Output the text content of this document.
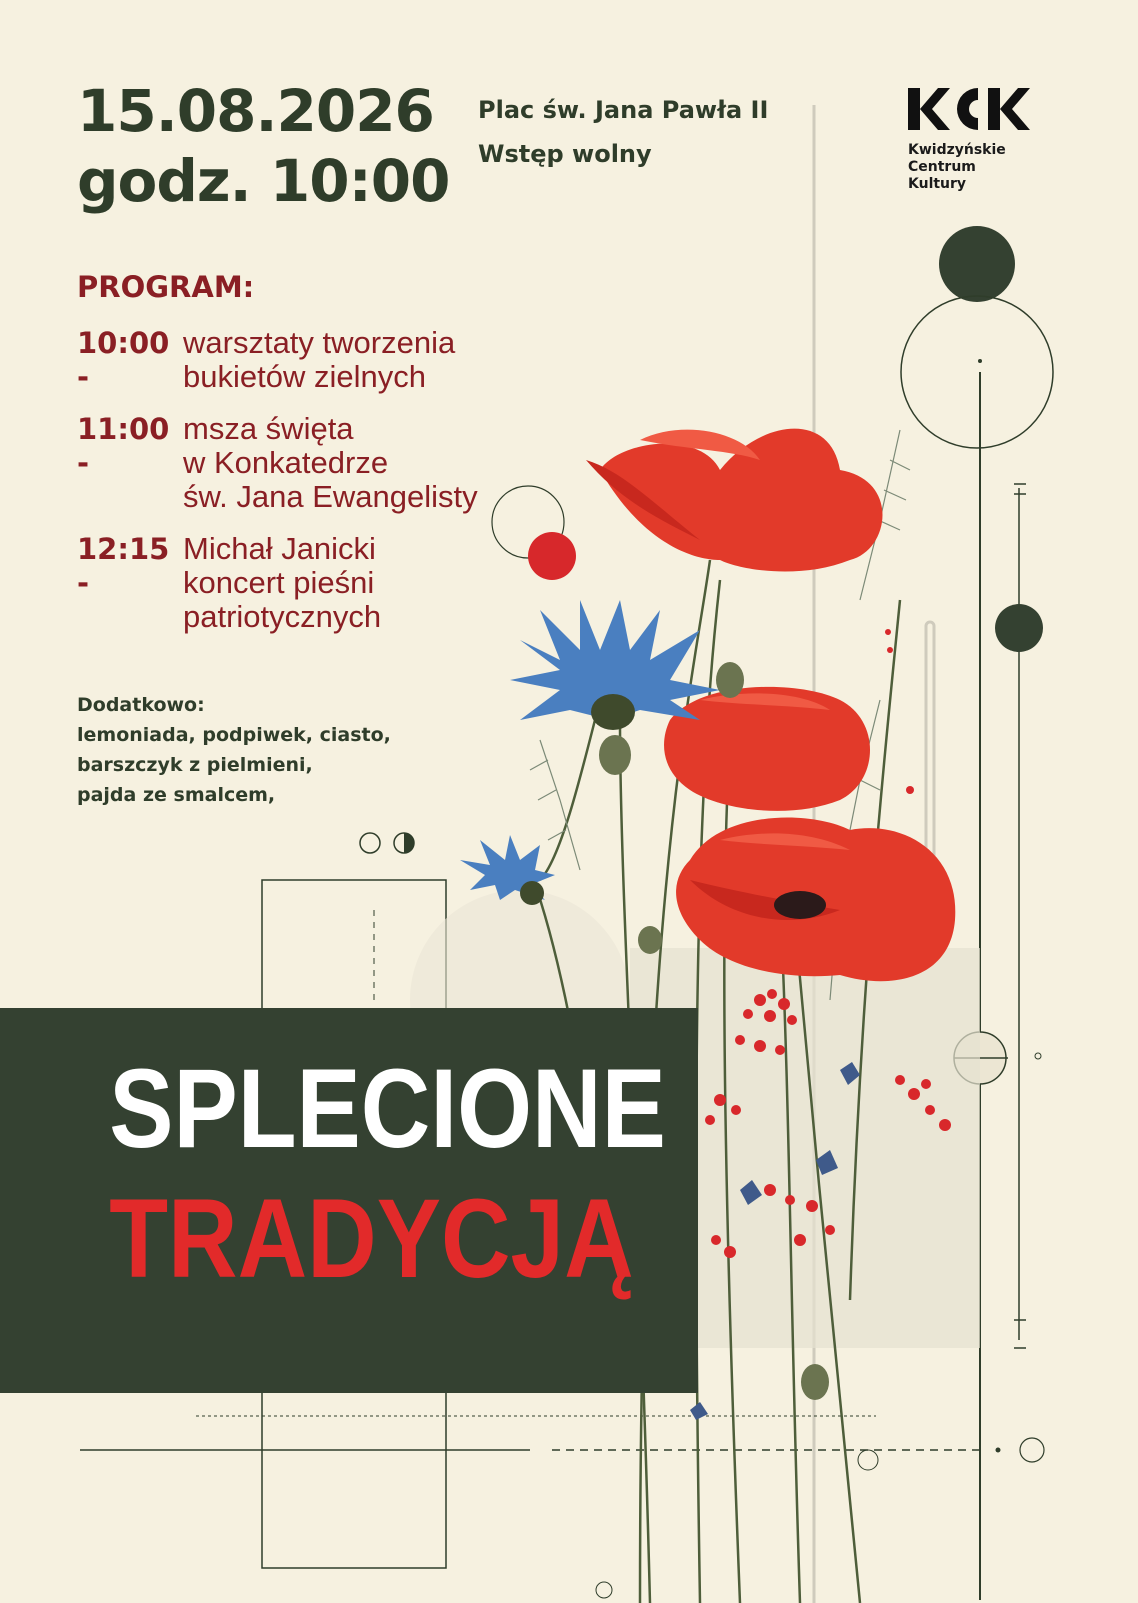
15.08.2026
godz. 10:00
Plac św. Jana Pawła II
Wstęp wolny	Kwidzyńskie
Centrum
Kultury
PROGRAM:
10:00 -
warsztaty tworzenia
bukietów zielnych
11:00 -
msza święta
w Konkatedrze
św. Jana Ewangelisty
12:15 -
Michał Janicki
koncert pieśni
patriotycznych
Dodatkowo:
lemoniada, podpiwek, ciasto,
barszczyk z pielmieni,
pajda ze smalcem,
SPLECIONE
TRADYCJĄ
